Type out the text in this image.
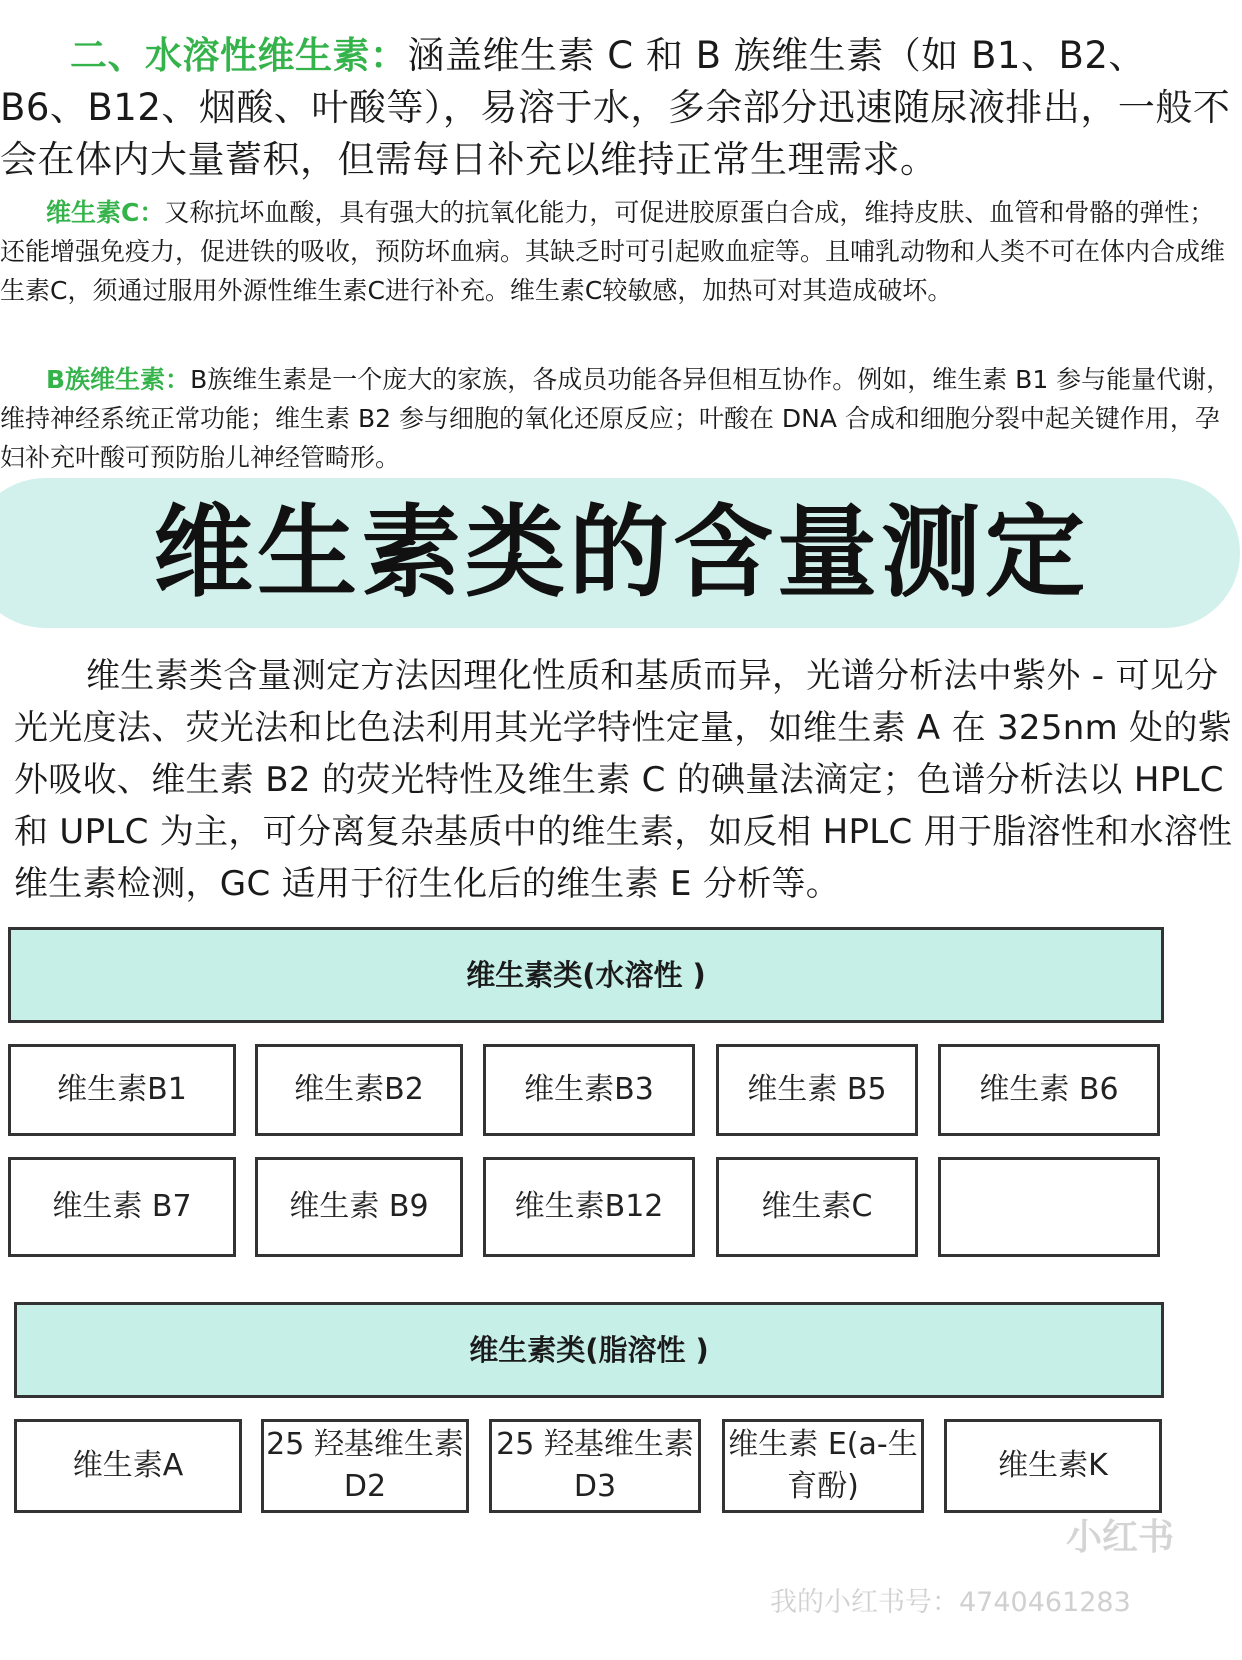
二、水溶性维生素：涵盖维生素 C 和 B 族维生素（如 B1、B2、B6、B12、烟酸、叶酸等），易溶于水，多余部分迅速随尿液排出，一般不会在体内大量蓄积，但需每日补充以维持正常生理需求。

维生素C：又称抗坏血酸，具有强大的抗氧化能力，可促进胶原蛋白合成，维持皮肤、血管和骨骼的弹性；还能增强免疫力，促进铁的吸收，预防坏血病。其缺乏时可引起败血症等。且哺乳动物和人类不可在体内合成维生素C，须通过服用外源性维生素C进行补充。维生素C较敏感，加热可对其造成破坏。

B族维生素：B族维生素是一个庞大的家族，各成员功能各异但相互协作。例如，维生素 B1 参与能量代谢，维持神经系统正常功能；维生素 B2 参与细胞的氧化还原反应；叶酸在 DNA 合成和细胞分裂中起关键作用，孕妇补充叶酸可预防胎儿神经管畸形。

维生素类的含量测定

维生素类含量测定方法因理化性质和基质而异，光谱分析法中紫外 - 可见分光光度法、荧光法和比色法利用其光学特性定量，如维生素 A 在 325nm 处的紫外吸收、维生素 B2 的荧光特性及维生素 C 的碘量法滴定；色谱分析法以 HPLC 和 UPLC 为主，可分离复杂基质中的维生素，如反相 HPLC 用于脂溶性和水溶性维生素检测，GC 适用于衍生化后的维生素 E 分析等。

维生素类(水溶性 )
维生素B1	维生素B2	维生素B3	维生素 B5	维生素 B6
维生素 B7	维生素 B9	维生素B12	维生素C
维生素类(脂溶性 )
维生素A
25 羟基维生素 D2
25 羟基维生素 D3
维生素 E(a-生育酚)
维生素K
小红书
我的小红书号：4740461283
